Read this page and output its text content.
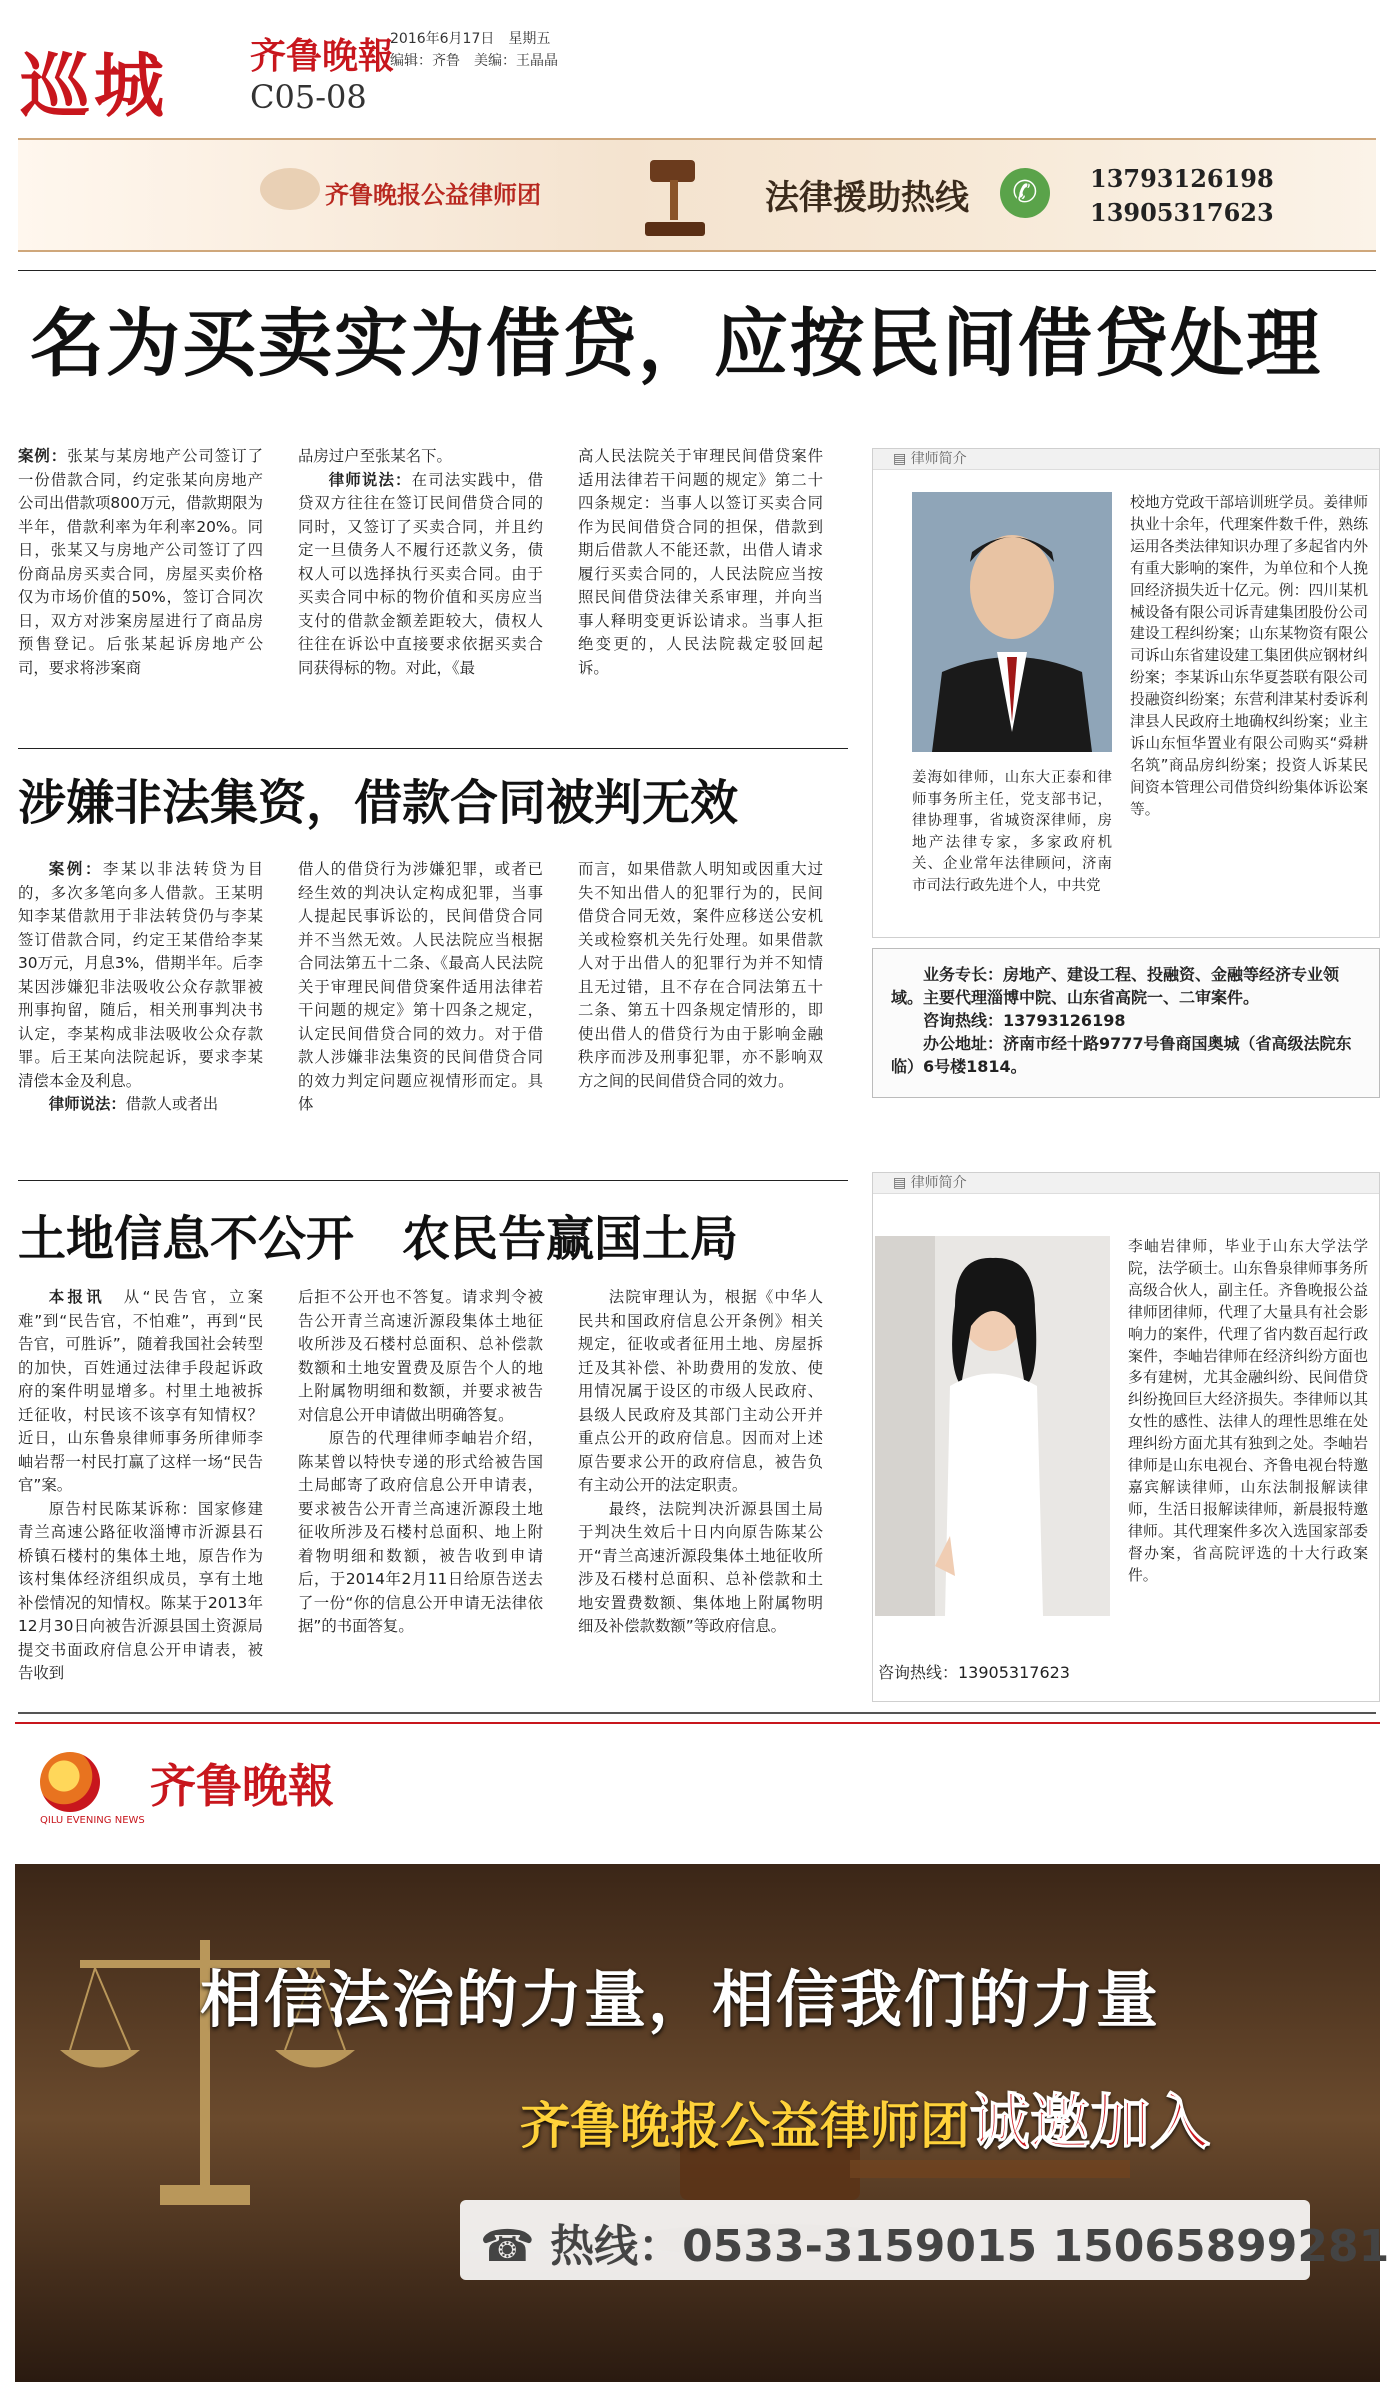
巡城 齐鲁晚報
C05-08
2016年6月17日　星期五
编辑：齐鲁　美编：王晶晶
齐鲁晚报公益律师团	法律援助热线	✆	13793126198
13905317623
名为买卖实为借贷，应按民间借贷处理
案例：张某与某房地产公司签订了一份借款合同，约定张某向房地产公司出借款项800万元，借款期限为半年，借款利率为年利率20%。同日，张某又与房地产公司签订了四份商品房买卖合同，房屋买卖价格仅为市场价值的50%，签订合同次日，双方对涉案房屋进行了商品房预售登记。后张某起诉房地产公司，要求将涉案商
品房过户至张某名下。
律师说法：在司法实践中，借贷双方往往在签订民间借贷合同的同时，又签订了买卖合同，并且约定一旦债务人不履行还款义务，债权人可以选择执行买卖合同。由于买卖合同中标的物价值和买房应当支付的借款金额差距较大，债权人往往在诉讼中直接要求依据买卖合同获得标的物。对此，《最
高人民法院关于审理民间借贷案件适用法律若干问题的规定》第二十四条规定：当事人以签订买卖合同作为民间借贷合同的担保，借款到期后借款人不能还款，出借人请求履行买卖合同的，人民法院应当按照民间借贷法律关系审理，并向当事人释明变更诉讼请求。当事人拒绝变更的，人民法院裁定驳回起诉。
涉嫌非法集资，借款合同被判无效
案例：李某以非法转贷为目的，多次多笔向多人借款。王某明知李某借款用于非法转贷仍与李某签订借款合同，约定王某借给李某30万元，月息3%，借期半年。后李某因涉嫌犯非法吸收公众存款罪被刑事拘留，随后，相关刑事判决书认定，李某构成非法吸收公众存款罪。后王某向法院起诉，要求李某清偿本金及利息。
律师说法：借款人或者出
借人的借贷行为涉嫌犯罪，或者已经生效的判决认定构成犯罪，当事人提起民事诉讼的，民间借贷合同并不当然无效。人民法院应当根据合同法第五十二条、《最高人民法院关于审理民间借贷案件适用法律若干问题的规定》第十四条之规定，认定民间借贷合同的效力。对于借款人涉嫌非法集资的民间借贷合同的效力判定问题应视情形而定。具体
而言，如果借款人明知或因重大过失不知出借人的犯罪行为的，民间借贷合同无效，案件应移送公安机关或检察机关先行处理。如果借款人对于出借人的犯罪行为并不知情且无过错，且不存在合同法第五十二条、第五十四条规定情形的，即使出借人的借贷行为由于影响金融秩序而涉及刑事犯罪，亦不影响双方之间的民间借贷合同的效力。
土地信息不公开　农民告赢国土局
本报讯　从“民告官，立案难”到“民告官，不怕难”，再到“民告官，可胜诉”，随着我国社会转型的加快，百姓通过法律手段起诉政府的案件明显增多。村里土地被拆迁征收，村民该不该享有知情权？近日，山东鲁泉律师事务所律师李岫岩帮一村民打赢了这样一场“民告官”案。
原告村民陈某诉称：国家修建青兰高速公路征收淄博市沂源县石桥镇石楼村的集体土地，原告作为该村集体经济组织成员，享有土地补偿情况的知情权。陈某于2013年12月30日向被告沂源县国土资源局提交书面政府信息公开申请表，被告收到
后拒不公开也不答复。请求判令被告公开青兰高速沂源段集体土地征收所涉及石楼村总面积、总补偿款数额和土地安置费及原告个人的地上附属物明细和数额，并要求被告对信息公开申请做出明确答复。
原告的代理律师李岫岩介绍，陈某曾以特快专递的形式给被告国土局邮寄了政府信息公开申请表，要求被告公开青兰高速沂源段土地征收所涉及石楼村总面积、地上附着物明细和数额，被告收到申请后，于2014年2月11日给原告送去了一份“你的信息公开申请无法律依据”的书面答复。
法院审理认为，根据《中华人民共和国政府信息公开条例》相关规定，征收或者征用土地、房屋拆迁及其补偿、补助费用的发放、使用情况属于设区的市级人民政府、县级人民政府及其部门主动公开并重点公开的政府信息。因而对上述原告要求公开的政府信息，被告负有主动公开的法定职责。
最终，法院判决沂源县国土局于判决生效后十日内向原告陈某公开“青兰高速沂源段集体土地征收所涉及石楼村总面积、总补偿款和土地安置费数额、集体地上附属物明细及补偿款数额”等政府信息。
▤ 律师简介
姜海如律师，山东大正泰和律师事务所主任，党支部书记，律协理事，省城资深律师，房地产法律专家，多家政府机关、企业常年法律顾问，济南市司法行政先进个人，中共党
校地方党政干部培训班学员。姜律师执业十余年，代理案件数千件，熟练运用各类法律知识办理了多起省内外有重大影响的案件，为单位和个人挽回经济损失近十亿元。例：四川某机械设备有限公司诉青建集团股份公司建设工程纠纷案；山东某物资有限公司诉山东省建设建工集团供应钢材纠纷案；李某诉山东华夏荟联有限公司投融资纠纷案；东营利津某村委诉利津县人民政府土地确权纠纷案；业主诉山东恒华置业有限公司购买“舜耕名筑”商品房纠纷案；投资人诉某民间资本管理公司借贷纠纷集体诉讼案等。
业务专长：房地产、建设工程、投融资、金融等经济专业领域。主要代理淄博中院、山东省高院一、二审案件。
咨询热线：13793126198
办公地址：济南市经十路9777号鲁商国奥城（省高级法院东临）6号楼1814。
▤ 律师简介
李岫岩律师，毕业于山东大学法学院，法学硕士。山东鲁泉律师事务所高级合伙人，副主任。齐鲁晚报公益律师团律师，代理了大量具有社会影响力的案件，代理了省内数百起行政案件，李岫岩律师在经济纠纷方面也多有建树，尤其金融纠纷、民间借贷纠纷挽回巨大经济损失。李律师以其女性的感性、法律人的理性思维在处理纠纷方面尤其有独到之处。李岫岩律师是山东电视台、齐鲁电视台特邀嘉宾解读律师，山东法制报解读律师，生活日报解读律师，新晨报特邀律师。其代理案件多次入选国家部委督办案，省高院评选的十大行政案件。
咨询热线：13905317623
齐鲁晚報
QILU EVENING NEWS
相信法治的力量，相信我们的力量
齐鲁晚报公益律师团诚邀加入
☎ 热线：0533-3159015 15065899281
